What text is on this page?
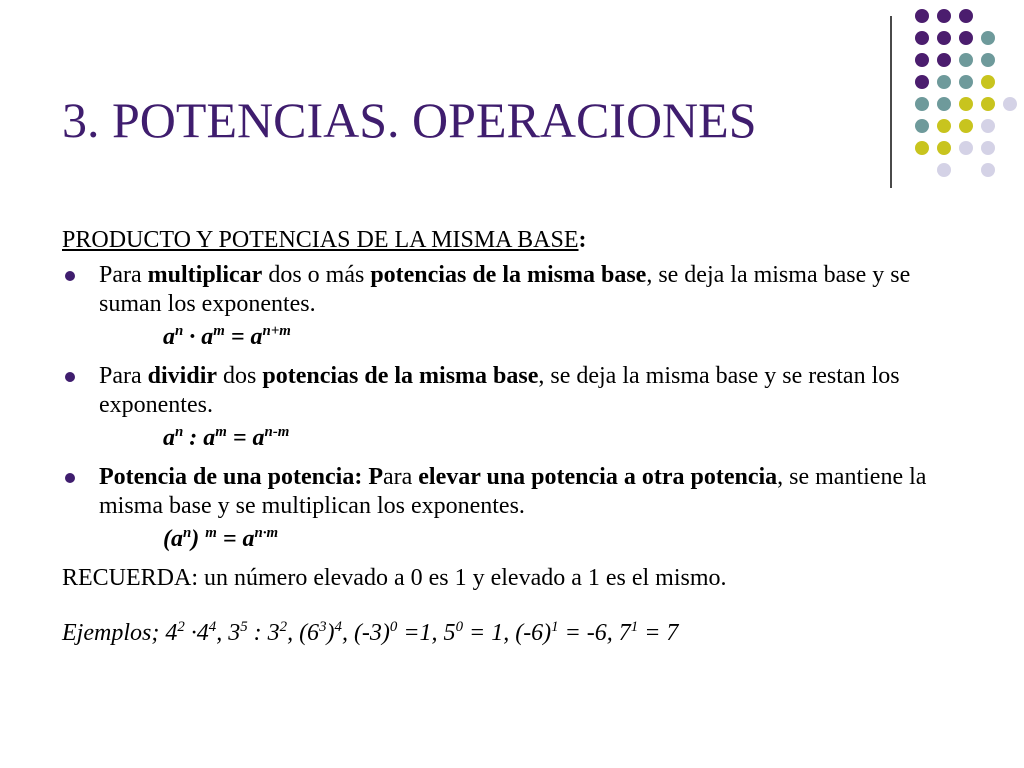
3. POTENCIAS. OPERACIONES

PRODUCTO Y POTENCIAS DE LA MISMA BASE:

Para multiplicar dos o más potencias de la misma base, se deja la misma base y se suman los exponentes.

$a^n \cdot a^m = a^{n+m}$

Para dividir dos potencias de la misma base, se deja la misma base y se restan los exponentes.

$a^n$ : $a^m = a^{n-m}$

Potencia de una potencia: Para elevar una potencia a otra potencia, se mantiene la misma base y se multiplican los exponentes.

$(a^n) ^m = a^{n\cdot m}$

RECUERDA: un número elevado a 0 es 1 y elevado a 1 es el mismo.

Ejemplos; $4^2 \cdot 4^4$, $3^5$ : $3^2$, $(6^3)^4$, $(-3)^0 =1$, $5^0 = 1$, $(-6)^1 = -6$, $7^1 = 7$
